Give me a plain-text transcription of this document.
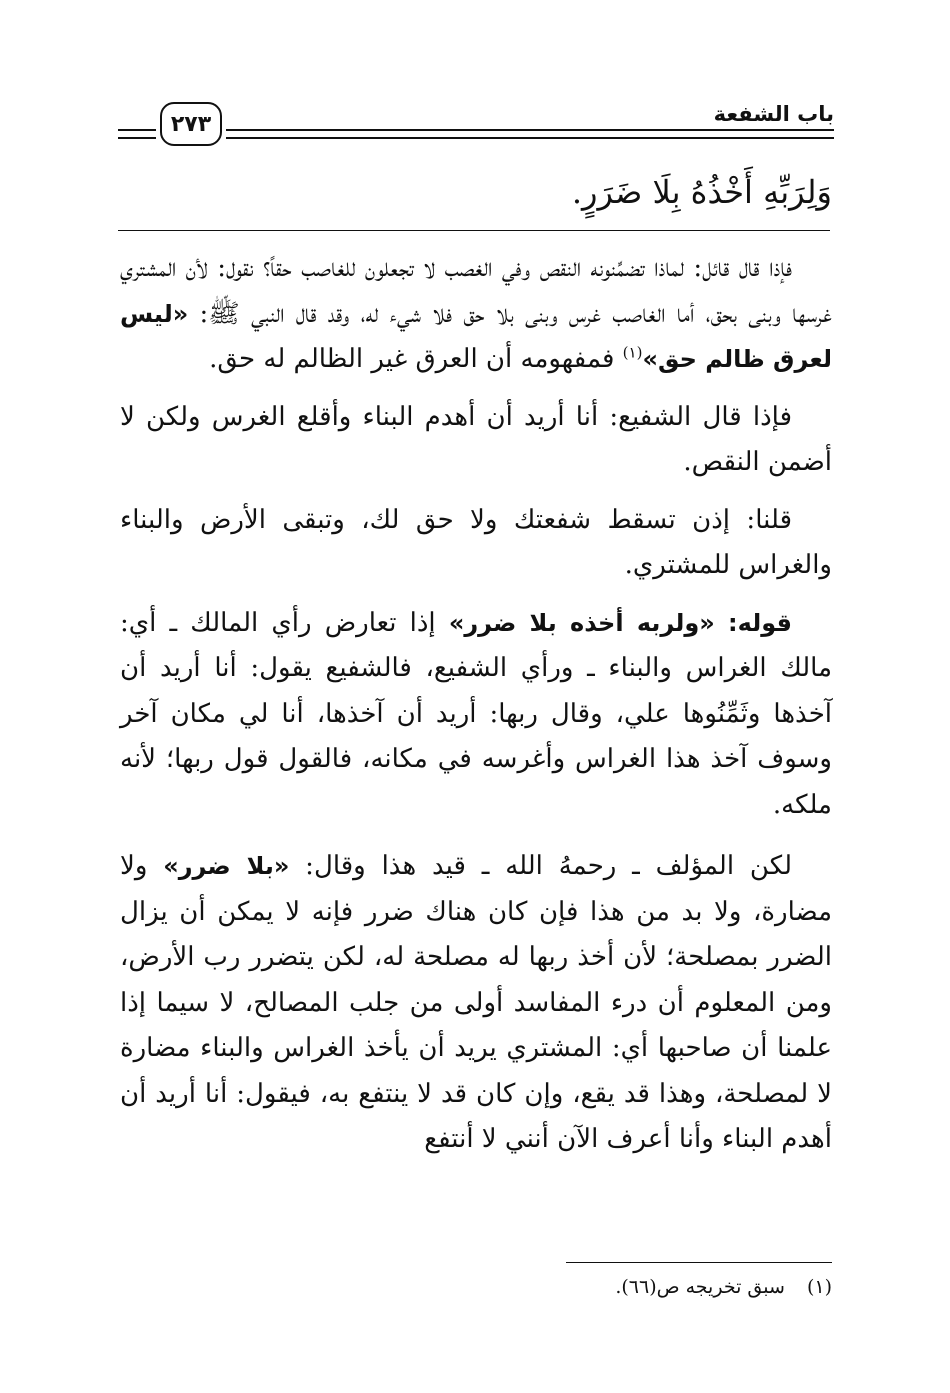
باب الشفعة
٢٧٣
وَلِرَبِّهِ أَخْذُهُ بِلَا ضَرَرٍ.

فإذا قال قائل: لماذا تضمِّنونه النقص وفي الغصب لا تجعلون للغاصب حقاً؟ نقول: لأن المشتري غرسها وبنى بحق، أما الغاصب غرس وبنى بلا حق فلا شيء له، وقد قال النبي ﷺ: «ليس لعرق ظالم حق»$^{(١)}$ فمفهومه أن العرق غير الظالم له حق.

فإذا قال الشفيع: أنا أريد أن أهدم البناء وأقلع الغرس ولكن لا أضمن النقص.

قلنا: إذن تسقط شفعتك ولا حق لك، وتبقى الأرض والبناء والغراس للمشتري.

قوله: «ولربه أخذه بلا ضرر» إذا تعارض رأي المالك ـ أي: مالك الغراس والبناء ـ ورأي الشفيع، فالشفيع يقول: أنا أريد أن آخذها وثَمِّنُوها علي، وقال ربها: أريد أن آخذها، أنا لي مكان آخر وسوف آخذ هذا الغراس وأغرسه في مكانه، فالقول قول ربها؛ لأنه ملكه.

لكن المؤلف ـ رحمهُ الله ـ قيد هذا وقال: «بلا ضرر» ولا مضارة، ولا بد من هذا فإن كان هناك ضرر فإنه لا يمكن أن يزال الضرر بمصلحة؛ لأن أخذ ربها له مصلحة له، لكن يتضرر رب الأرض، ومن المعلوم أن درء المفاسد أولى من جلب المصالح، لا سيما إذا علمنا أن صاحبها أي: المشتري يريد أن يأخذ الغراس والبناء مضارة لا لمصلحة، وهذا قد يقع، وإن كان قد لا ينتفع به، فيقول: أنا أريد أن أهدم البناء وأنا أعرف الآن أنني لا أنتفع

(١)سبق تخريجه ص(٦٦).
